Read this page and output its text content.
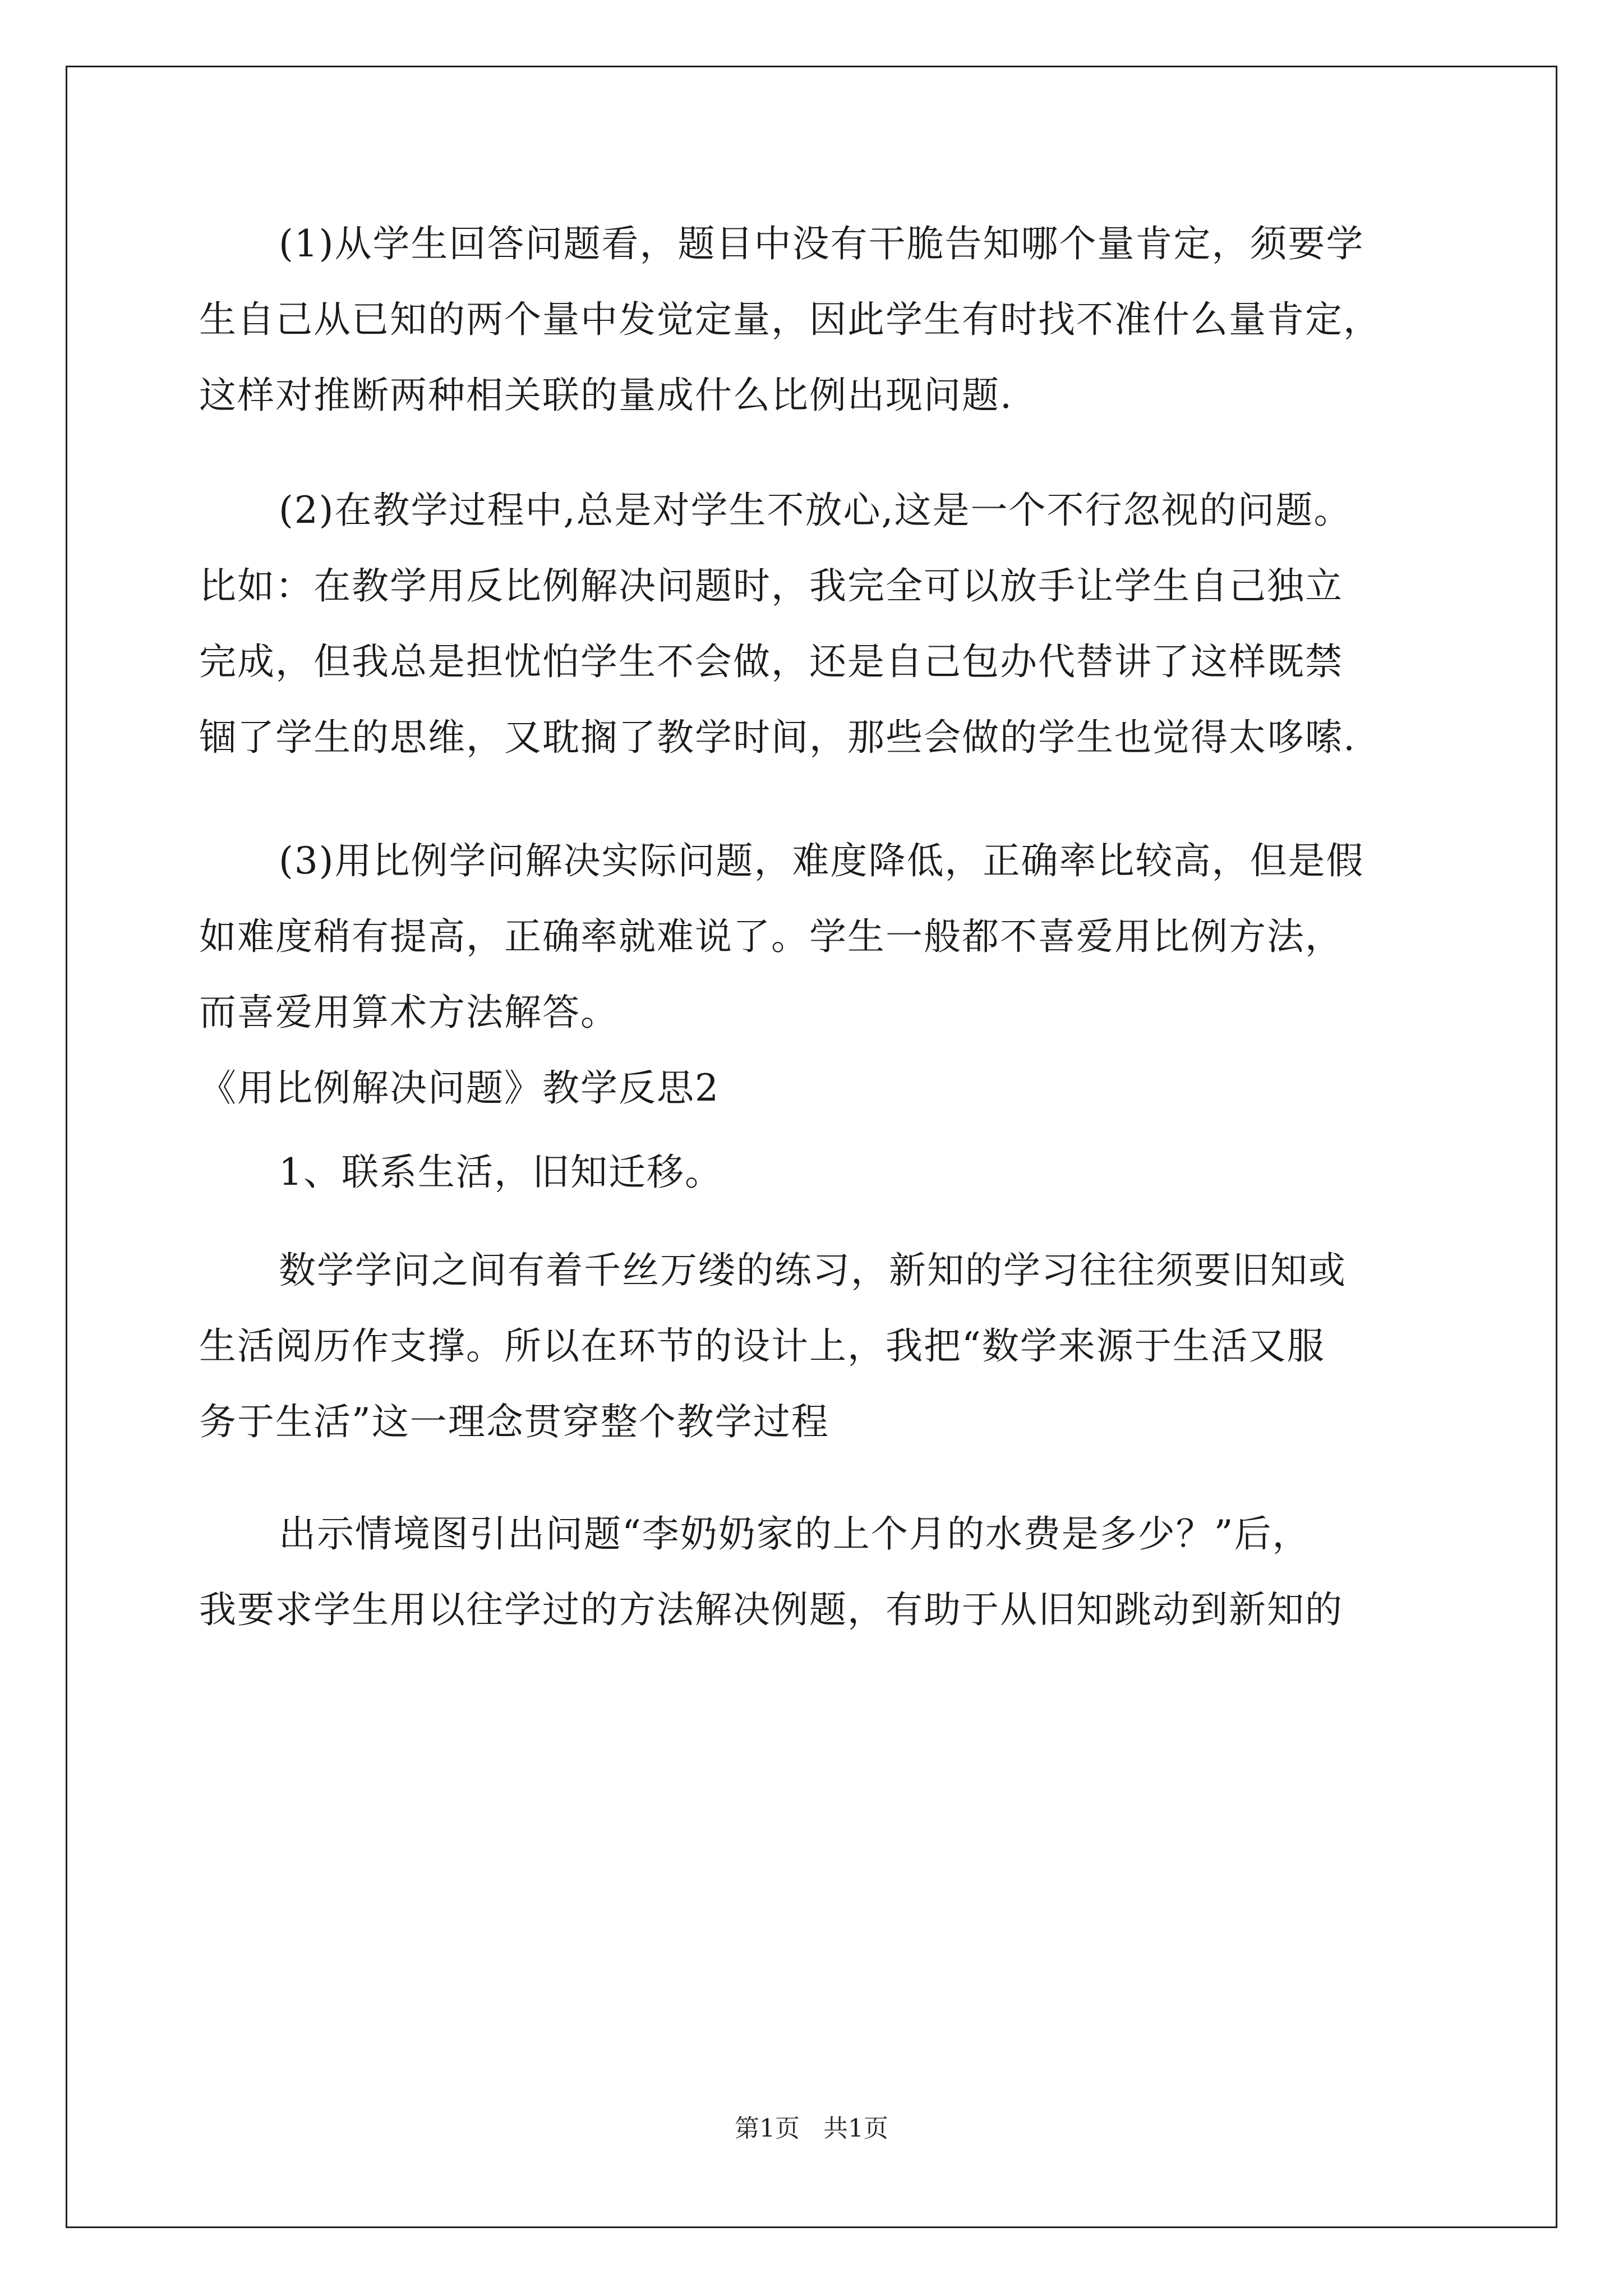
(1)从学生回答问题看，题目中没有干脆告知哪个量肯定，须要学
生自己从已知的两个量中发觉定量，因此学生有时找不准什么量肯定，
这样对推断两种相关联的量成什么比例出现问题.
(2)在教学过程中,总是对学生不放心,这是一个不行忽视的问题。
比如：在教学用反比例解决问题时，我完全可以放手让学生自己独立
完成，但我总是担忧怕学生不会做，还是自己包办代替讲了这样既禁
锢了学生的思维，又耽搁了教学时间，那些会做的学生也觉得太哆嗦.
(3)用比例学问解决实际问题，难度降低，正确率比较高，但是假
如难度稍有提高，正确率就难说了。学生一般都不喜爱用比例方法，
而喜爱用算术方法解答。
《用比例解决问题》教学反思2
1、联系生活，旧知迁移。
数学学问之间有着千丝万缕的练习，新知的学习往往须要旧知或
生活阅历作支撑。所以在环节的设计上，我把“数学来源于生活又服
务于生活”这一理念贯穿整个教学过程
出示情境图引出问题“李奶奶家的上个月的水费是多少？”后，
我要求学生用以往学过的方法解决例题，有助于从旧知跳动到新知的
第1页   共1页
